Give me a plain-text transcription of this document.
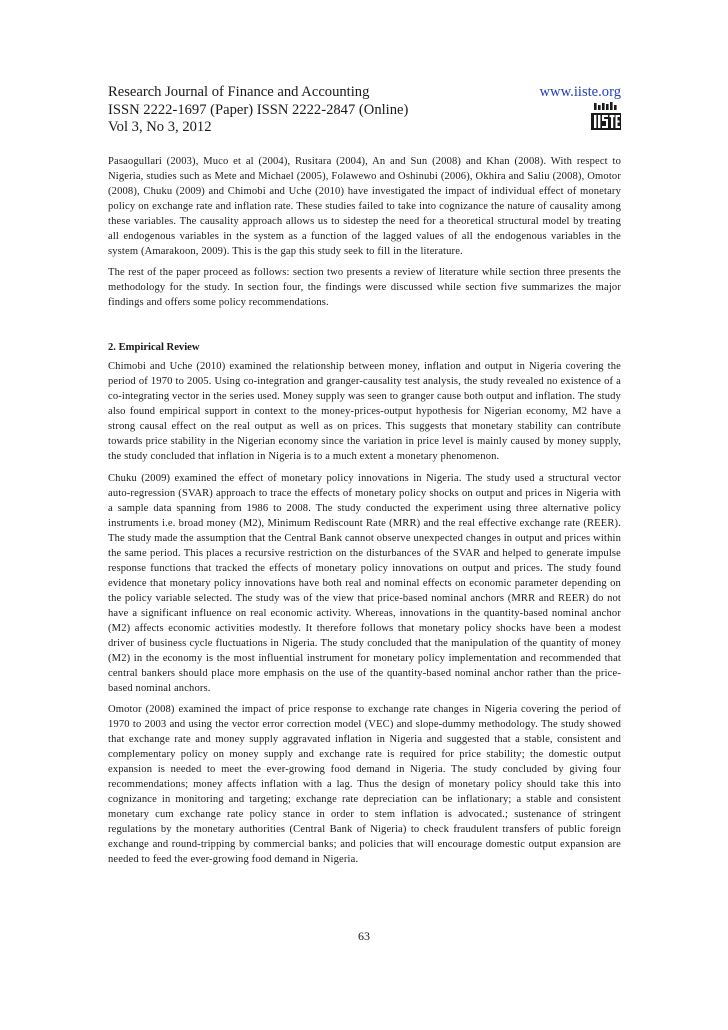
Research Journal of Finance and Accounting
ISSN 2222-1697 (Paper) ISSN 2222-2847 (Online)
Vol 3, No 3, 2012
www.iiste.org

Pasaogullari (2003), Muco et al (2004), Rusitara (2004), An and Sun (2008) and Khan (2008). With respect to Nigeria, studies such as Mete and Michael (2005), Folawewo and Oshinubi (2006), Okhira and Saliu (2008), Omotor (2008), Chuku (2009) and Chimobi and Uche (2010) have investigated the impact of individual effect of monetary policy on exchange rate and inflation rate. These studies failed to take into cognizance the nature of causality among these variables. The causality approach allows us to sidestep the need for a theoretical structural model by treating all endogenous variables in the system as a function of the lagged values of all the endogenous variables in the system (Amarakoon, 2009). This is the gap this study seek to fill in the literature.

The rest of the paper proceed as follows: section two presents a review of literature while section three presents the methodology for the study. In section four, the findings were discussed while section five summarizes the major findings and offers some policy recommendations.

2. Empirical Review

Chimobi and Uche (2010) examined the relationship between money, inflation and output in Nigeria covering the period of 1970 to 2005. Using co-integration and granger-causality test analysis, the study revealed no existence of a co-integrating vector in the series used. Money supply was seen to granger cause both output and inflation. The study also found empirical support in context to the money-prices-output hypothesis for Nigerian economy, M2 have a strong causal effect on the real output as well as on prices. This suggests that monetary stability can contribute towards price stability in the Nigerian economy since the variation in price level is mainly caused by money supply, the study concluded that inflation in Nigeria is to a much extent a monetary phenomenon.

Chuku (2009) examined the effect of monetary policy innovations in Nigeria. The study used a structural vector auto-regression (SVAR) approach to trace the effects of monetary policy shocks on output and prices in Nigeria with a sample data spanning from 1986 to 2008. The study conducted the experiment using three alternative policy instruments i.e. broad money (M2), Minimum Rediscount Rate (MRR) and the real effective exchange rate (REER). The study made the assumption that the Central Bank cannot observe unexpected changes in output and prices within the same period. This places a recursive restriction on the disturbances of the SVAR and helped to generate impulse response functions that tracked the effects of monetary policy innovations on output and prices. The study found evidence that monetary policy innovations have both real and nominal effects on economic parameter depending on the policy variable selected. The study was of the view that price-based nominal anchors (MRR and REER) do not have a significant influence on real economic activity. Whereas, innovations in the quantity-based nominal anchor (M2) affects economic activities modestly. It therefore follows that monetary policy shocks have been a modest driver of business cycle fluctuations in Nigeria. The study concluded that the manipulation of the quantity of money (M2) in the economy is the most influential instrument for monetary policy implementation and recommended that central bankers should place more emphasis on the use of the quantity-based nominal anchor rather than the price-based nominal anchors.

Omotor (2008) examined the impact of price response to exchange rate changes in Nigeria covering the period of 1970 to 2003 and using the vector error correction model (VEC) and slope-dummy methodology. The study showed that exchange rate and money supply aggravated inflation in Nigeria and suggested that a stable, consistent and complementary policy on money supply and exchange rate is required for price stability; the domestic output expansion is needed to meet the ever-growing food demand in Nigeria. The study concluded by giving four recommendations; money affects inflation with a lag. Thus the design of monetary policy should take this into cognizance in monitoring and targeting; exchange rate depreciation can be inflationary; a stable and consistent monetary cum exchange rate policy stance in order to stem inflation is advocated.; sustenance of stringent regulations by the monetary authorities (Central Bank of Nigeria) to check fraudulent transfers of public foreign exchange and round-tripping by commercial banks; and policies that will encourage domestic output expansion are needed to feed the ever-growing food demand in Nigeria.

63
